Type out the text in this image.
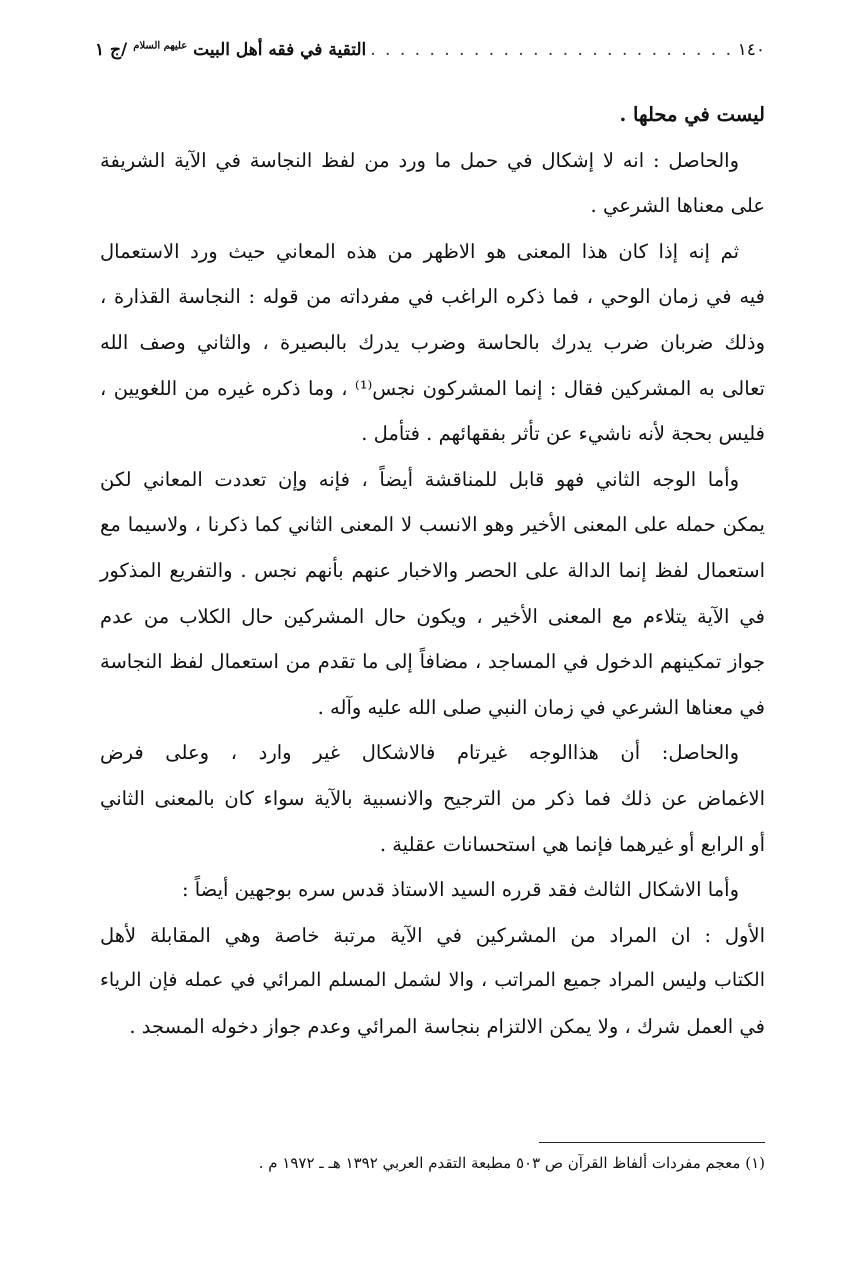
١٤٠
. . .
التقية في فقه أهل البيت $^{عليهم السلام}$
/ج ١
ليست في محلها .
والحاصل : انه لا إشكال في حمل ما ورد من لفظ النجاسة في الآية الشريفة
على معناها الشرعي .
ثم إنه إذا كان هذا المعنى هو الاظهر من هذه المعاني حيث ورد الاستعمال
فيه في زمان الوحي ، فما ذكره الراغب في مفرداته من قوله : النجاسة القذارة ،
وذلك ضربان ضرب يدرك بالحاسة وضرب يدرك بالبصيرة ، والثاني وصف الله
تعالى به المشركين فقال : إنما المشركون نجس⁽¹⁾ ، وما ذكره غيره من اللغويين ،
فليس بحجة لأنه ناشيء عن تأثر بفقهائهم . فتأمل .
وأما الوجه الثاني فهو قابل للمناقشة أيضاً ، فإنه وإن تعددت المعاني لكن
يمكن حمله على المعنى الأخير وهو الانسب لا المعنى الثاني كما ذكرنا ، ولاسيما مع
استعمال لفظ إنما الدالة على الحصر والاخبار عنهم بأنهم نجس . والتفريع المذكور
في الآية يتلاءم مع المعنى الأخير ، ويكون حال المشركين حال الكلاب من عدم
جواز تمكينهم الدخول في المساجد ، مضافاً إلى ما تقدم من استعمال لفظ النجاسة
في معناها الشرعي في زمان النبي صلى الله عليه وآله .
والحاصل: أن هذاالوجه غيرتام فالاشكال غير وارد ، وعلى فرض
الاغماض عن ذلك فما ذكر من الترجيح والانسبية بالآية سواء كان بالمعنى الثاني
أو الرابع أو غيرهما فإنما هي استحسانات عقلية .
وأما الاشكال الثالث فقد قرره السيد الاستاذ قدس سره بوجهين أيضاً :
الأول : ان المراد من المشركين في الآية مرتبة خاصة وهي المقابلة لأهل
الكتاب وليس المراد جميع المراتب ، والا لشمل المسلم المرائي في عمله فإن الرياء
في العمل شرك ، ولا يمكن الالتزام بنجاسة المرائي وعدم جواز دخوله المسجد .
(١) معجم مفردات ألفاظ القرآن ص ٥٠٣ مطبعة التقدم العربي ١٣٩٢ هـ ـ ١٩٧٢ م .
